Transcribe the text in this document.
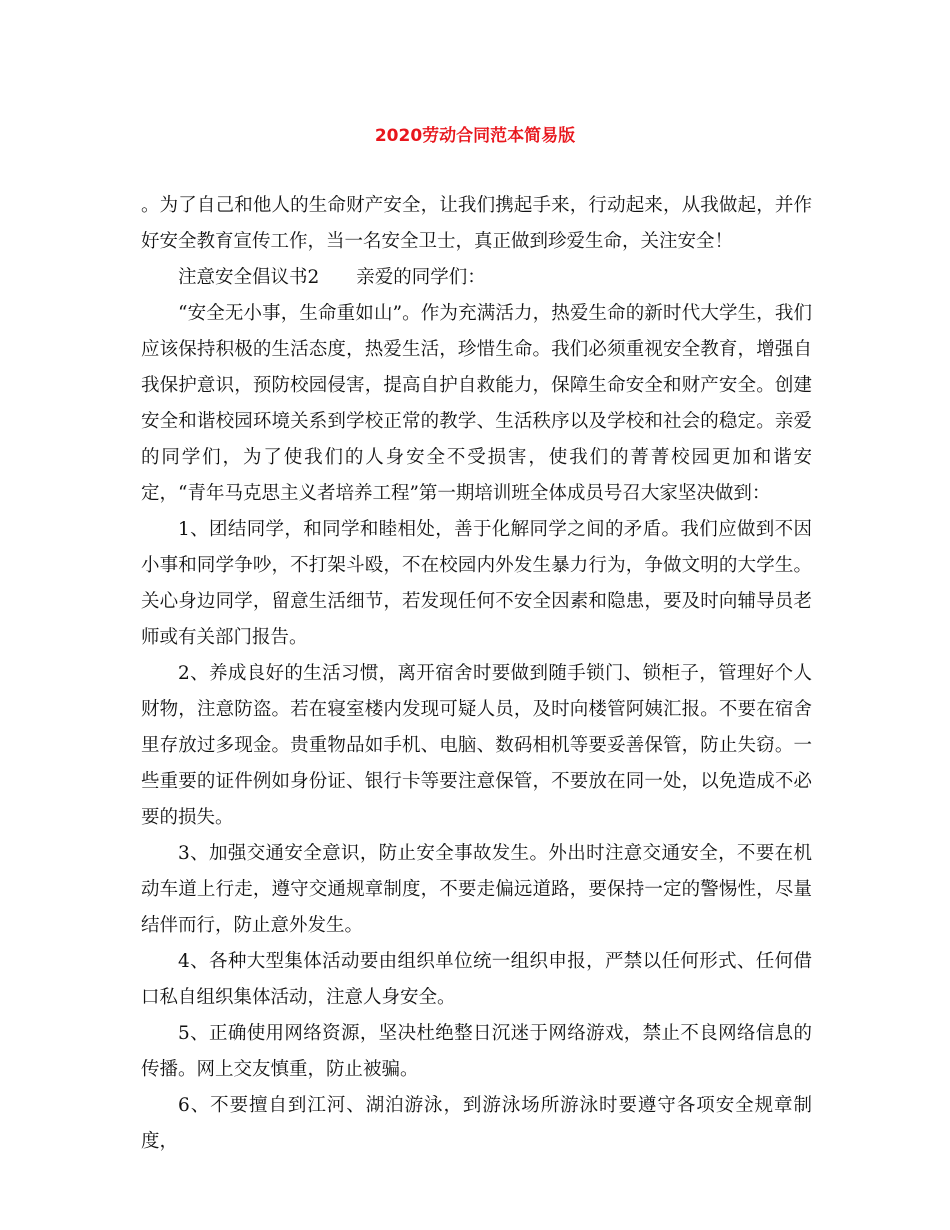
2020劳动合同范本简易版

。为了自己和他人的生命财产安全，让我们携起手来，行动起来，从我做起，并作好安全教育宣传工作，当一名安全卫士，真正做到珍爱生命，关注安全！

注意安全倡议书2　　亲爱的同学们：

“安全无小事，生命重如山”。作为充满活力，热爱生命的新时代大学生，我们应该保持积极的生活态度，热爱生活，珍惜生命。我们必须重视安全教育，增强自我保护意识，预防校园侵害，提高自护自救能力，保障生命安全和财产安全。创建安全和谐校园环境关系到学校正常的教学、生活秩序以及学校和社会的稳定。亲爱的同学们，为了使我们的人身安全不受损害，使我们的菁菁校园更加和谐安定，“青年马克思主义者培养工程”第一期培训班全体成员号召大家坚决做到：

1、团结同学，和同学和睦相处，善于化解同学之间的矛盾。我们应做到不因小事和同学争吵，不打架斗殴，不在校园内外发生暴力行为，争做文明的大学生。关心身边同学，留意生活细节，若发现任何不安全因素和隐患，要及时向辅导员老师或有关部门报告。

2、养成良好的生活习惯，离开宿舍时要做到随手锁门、锁柜子，管理好个人财物，注意防盗。若在寝室楼内发现可疑人员，及时向楼管阿姨汇报。不要在宿舍里存放过多现金。贵重物品如手机、电脑、数码相机等要妥善保管，防止失窃。一些重要的证件例如身份证、银行卡等要注意保管，不要放在同一处，以免造成不必要的损失。

3、加强交通安全意识，防止安全事故发生。外出时注意交通安全，不要在机动车道上行走，遵守交通规章制度，不要走偏远道路，要保持一定的警惕性，尽量结伴而行，防止意外发生。

4、各种大型集体活动要由组织单位统一组织申报，严禁以任何形式、任何借口私自组织集体活动，注意人身安全。

5、正确使用网络资源，坚决杜绝整日沉迷于网络游戏，禁止不良网络信息的传播。网上交友慎重，防止被骗。

6、不要擅自到江河、湖泊游泳，到游泳场所游泳时要遵守各项安全规章制度，
